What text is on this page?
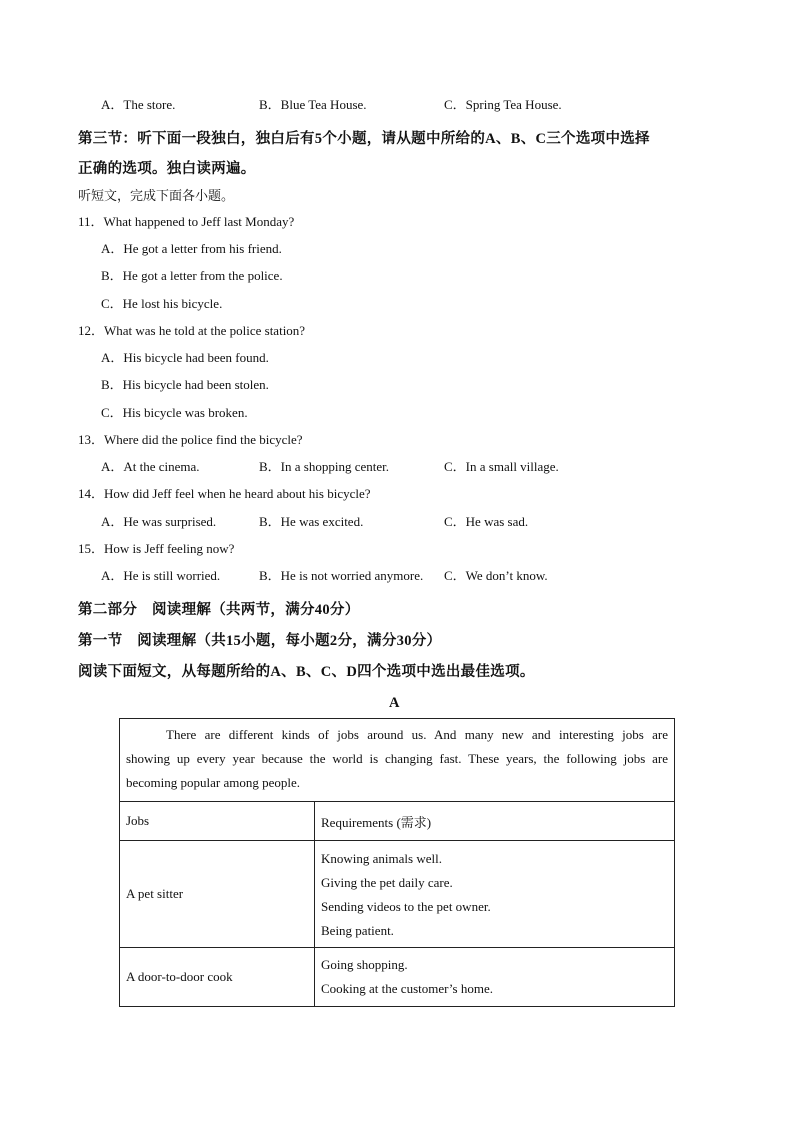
A．The store.	B．Blue Tea House.	C．Spring Tea House.
第三节：听下面一段独白，独白后有5个小题，请从题中所给的A、B、C三个选项中选择
正确的选项。独白读两遍。
听短文，完成下面各小题。
11．What happened to Jeff last Monday?
A．He got a letter from his friend.
B．He got a letter from the police.
C．He lost his bicycle.
12．What was he told at the police station?
A．His bicycle had been found.
B．His bicycle had been stolen.
C．His bicycle was broken.
13．Where did the police find the bicycle?
A．At the cinema.	B．In a shopping center.	C．In a small village.
14．How did Jeff feel when he heard about his bicycle?
A．He was surprised.	B．He was excited.	C．He was sad.
15．How is Jeff feeling now?
A．He is still worried.	B．He is not worried anymore. C．We don’t know.
第二部分　阅读理解（共两节，满分40分）
第一节　阅读理解（共15小题，每小题2分，满分30分）
阅读下面短文，从每题所给的A、B、C、D四个选项中选出最佳选项。
A
There are different kinds of jobs around us. And many new and interesting jobs are
showing up every year because the world is changing fast. These years, the following jobs are
becoming popular among people.	

Jobs	Requirements (需求)

A pet sitter	Knowing animals well.
Giving the pet daily care.
Sending videos to the pet owner.
Being patient.

A door-to-door cook	Going shopping.
Cooking at the customer’s home.
